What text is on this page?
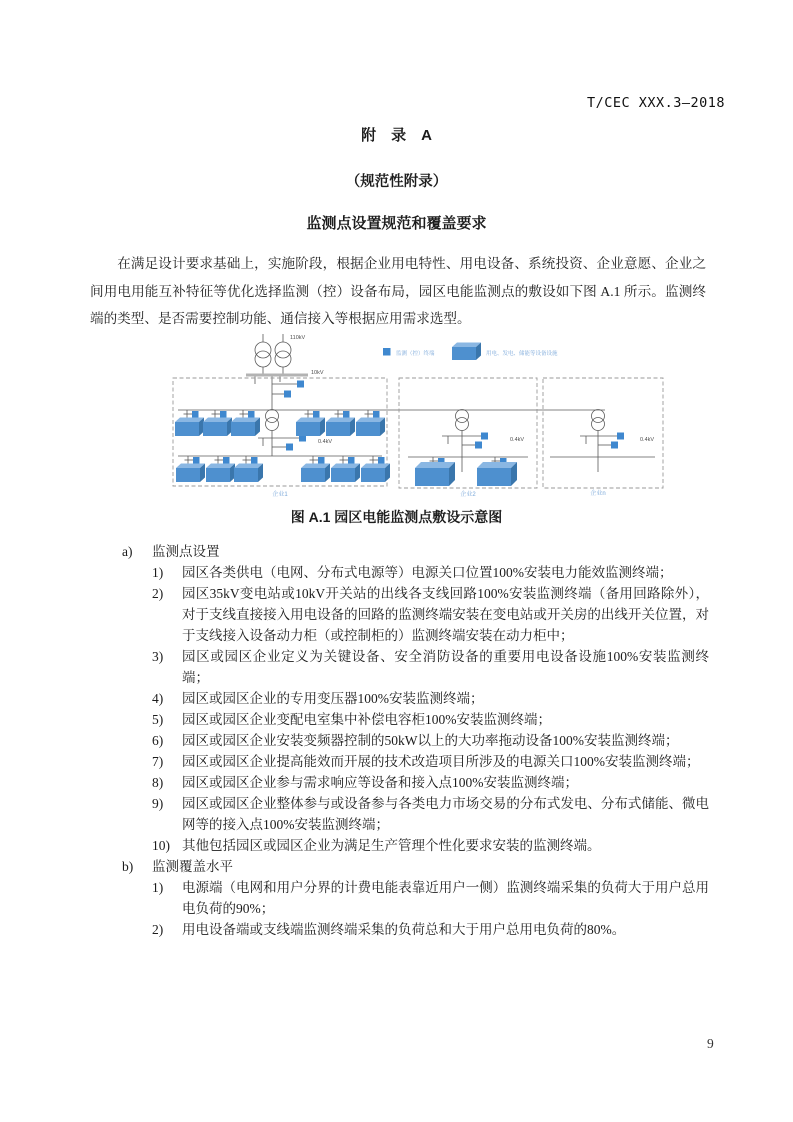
T/CEC XXX.3—2018
附　录　A
（规范性附录）
监测点设置规范和覆盖要求
在满足设计要求基础上，实施阶段，根据企业用电特性、用电设备、系统投资、企业意愿、企业之间用电用能互补特征等优化选择监测（控）设备布局，园区电能监测点的敷设如下图 A.1 所示。监测终端的类型、是否需要控制功能、通信接入等根据应用需求选型。
监测（控）终端	用电、发电、储能等设备设施
110kV
10kV
0.4kV	0.4kV	0.4kV
企业1	企业2	企业n
图 A.1 园区电能监测点敷设示意图
a)	监测点设置
1)	园区各类供电（电网、分布式电源等）电源关口位置100%安装电力能效监测终端；
2)	园区35kV变电站或10kV开关站的出线各支线回路100%安装监测终端（备用回路除外），对于支线直接接入用电设备的回路的监测终端安装在变电站或开关房的出线开关位置，对于支线接入设备动力柜（或控制柜的）监测终端安装在动力柜中；
3)	园区或园区企业定义为关键设备、安全消防设备的重要用电设备设施100%安装监测终端；
4)	园区或园区企业的专用变压器100%安装监测终端；
5)	园区或园区企业变配电室集中补偿电容柜100%安装监测终端；
6)	园区或园区企业安装变频器控制的50kW以上的大功率拖动设备100%安装监测终端；
7)	园区或园区企业提高能效而开展的技术改造项目所涉及的电源关口100%安装监测终端；
8)	园区或园区企业参与需求响应等设备和接入点100%安装监测终端；
9)	园区或园区企业整体参与或设备参与各类电力市场交易的分布式发电、分布式储能、微电网等的接入点100%安装监测终端；
10) 其他包括园区或园区企业为满足生产管理个性化要求安装的监测终端。
b)	监测覆盖水平
1)	电源端（电网和用户分界的计费电能表靠近用户一侧）监测终端采集的负荷大于用户总用电负荷的90%；
2)	用电设备端或支线端监测终端采集的负荷总和大于用户总用电负荷的80%。
9
